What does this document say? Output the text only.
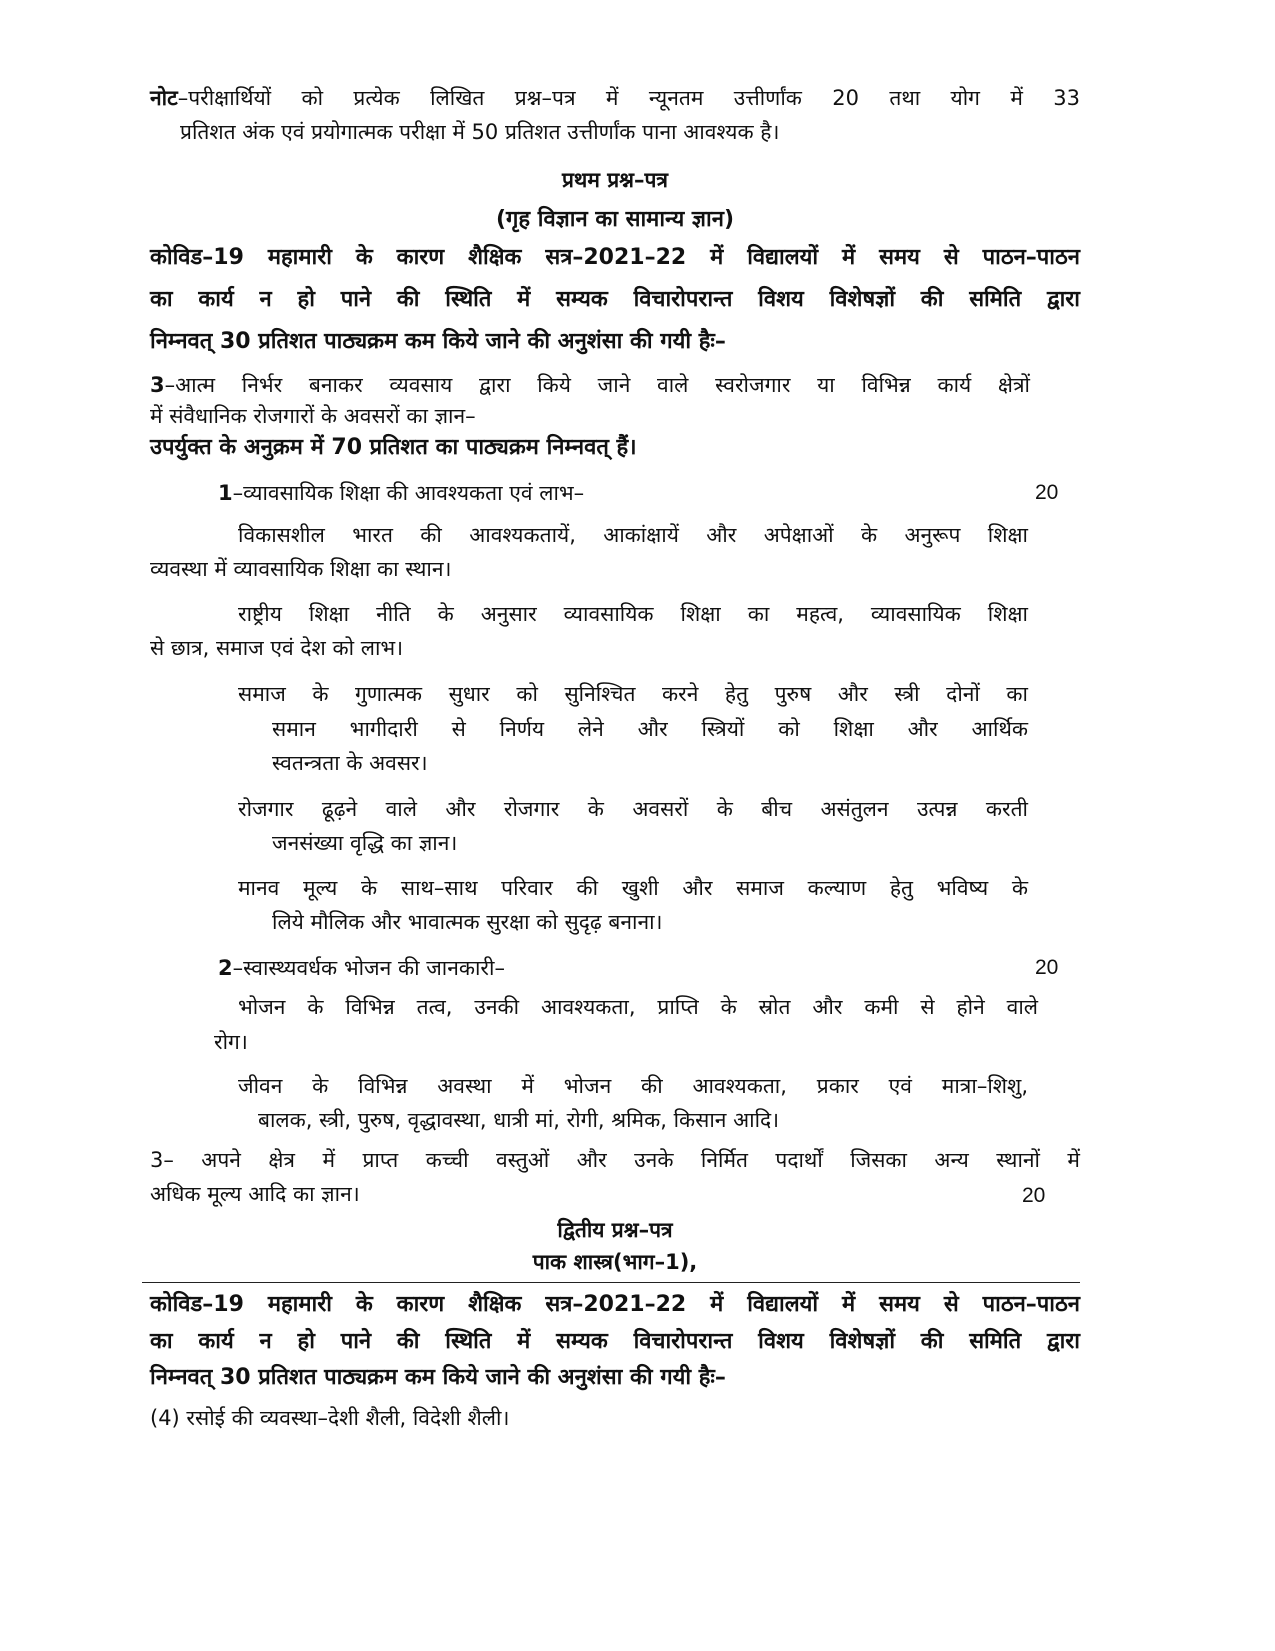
नोट–परीक्षार्थियों को प्रत्येक लिखित प्रश्न–पत्र में न्यूनतम उत्तीर्णांक 20 तथा योग में 33
प्रतिशत अंक एवं प्रयोगात्मक परीक्षा में 50 प्रतिशत उत्तीर्णांक पाना आवश्यक है।
प्रथम प्रश्न–पत्र
(गृह विज्ञान का सामान्य ज्ञान)
कोविड–19 महामारी के कारण शैक्षिक सत्र–2021–22 में विद्यालयों में समय से पाठन–पाठन
का कार्य न हो पाने की स्थिति में सम्यक विचारोपरान्त विशय विशेषज्ञों की समिति द्वारा
निम्नवत् 30 प्रतिशत पाठ्यक्रम कम किये जाने की अनुशंसा की गयी हैः–
3–आत्म निर्भर बनाकर व्यवसाय द्वारा किये जाने वाले स्वरोजगार या विभिन्न कार्य क्षेत्रों
में संवैधानिक रोजगारों के अवसरों का ज्ञान–
उपर्युक्त के अनुक्रम में 70 प्रतिशत का पाठ्यक्रम निम्नवत् हैं।
1–व्यावसायिक शिक्षा की आवश्यकता एवं लाभ–	20
विकासशील भारत की आवश्यकतायें, आकांक्षायें और अपेक्षाओं के अनुरूप शिक्षा
व्यवस्था में व्यावसायिक शिक्षा का स्थान।
राष्ट्रीय शिक्षा नीति के अनुसार व्यावसायिक शिक्षा का महत्व, व्यावसायिक शिक्षा
से छात्र, समाज एवं देश को लाभ।
समाज के गुणात्मक सुधार को सुनिश्चित करने हेतु पुरुष और स्त्री दोनों का
समान भागीदारी से निर्णय लेने और स्त्रियों को शिक्षा और आर्थिक
स्वतन्त्रता के अवसर।
रोजगार ढूढ़ने वाले और रोजगार के अवसरों के बीच असंतुलन उत्पन्न करती
जनसंख्या वृद्धि का ज्ञान।
मानव मूल्य के साथ–साथ परिवार की खुशी और समाज कल्याण हेतु भविष्य के
लिये मौलिक और भावात्मक सुरक्षा को सुदृढ़ बनाना।
2–स्वास्थ्यवर्धक भोजन की जानकारी–	20
भोजन के विभिन्न तत्व, उनकी आवश्यकता, प्राप्ति के स्रोत और कमी से होने वाले
रोग।
जीवन के विभिन्न अवस्था में भोजन की आवश्यकता, प्रकार एवं मात्रा–शिशु,
बालक, स्त्री, पुरुष, वृद्धावस्था, धात्री मां, रोगी, श्रमिक, किसान आदि।
3– अपने क्षेत्र में प्राप्त कच्ची वस्तुओं और उनके निर्मित पदार्थों जिसका अन्य स्थानों में
अधिक मूल्य आदि का ज्ञान।	20
द्वितीय प्रश्न–पत्र
पाक शास्त्र(भाग–1),
कोविड–19 महामारी के कारण शैक्षिक सत्र–2021–22 में विद्यालयों में समय से पाठन–पाठन
का कार्य न हो पाने की स्थिति में सम्यक विचारोपरान्त विशय विशेषज्ञों की समिति द्वारा
निम्नवत् 30 प्रतिशत पाठ्यक्रम कम किये जाने की अनुशंसा की गयी हैः–
(4) रसोई की व्यवस्था–देशी शैली, विदेशी शैली।
